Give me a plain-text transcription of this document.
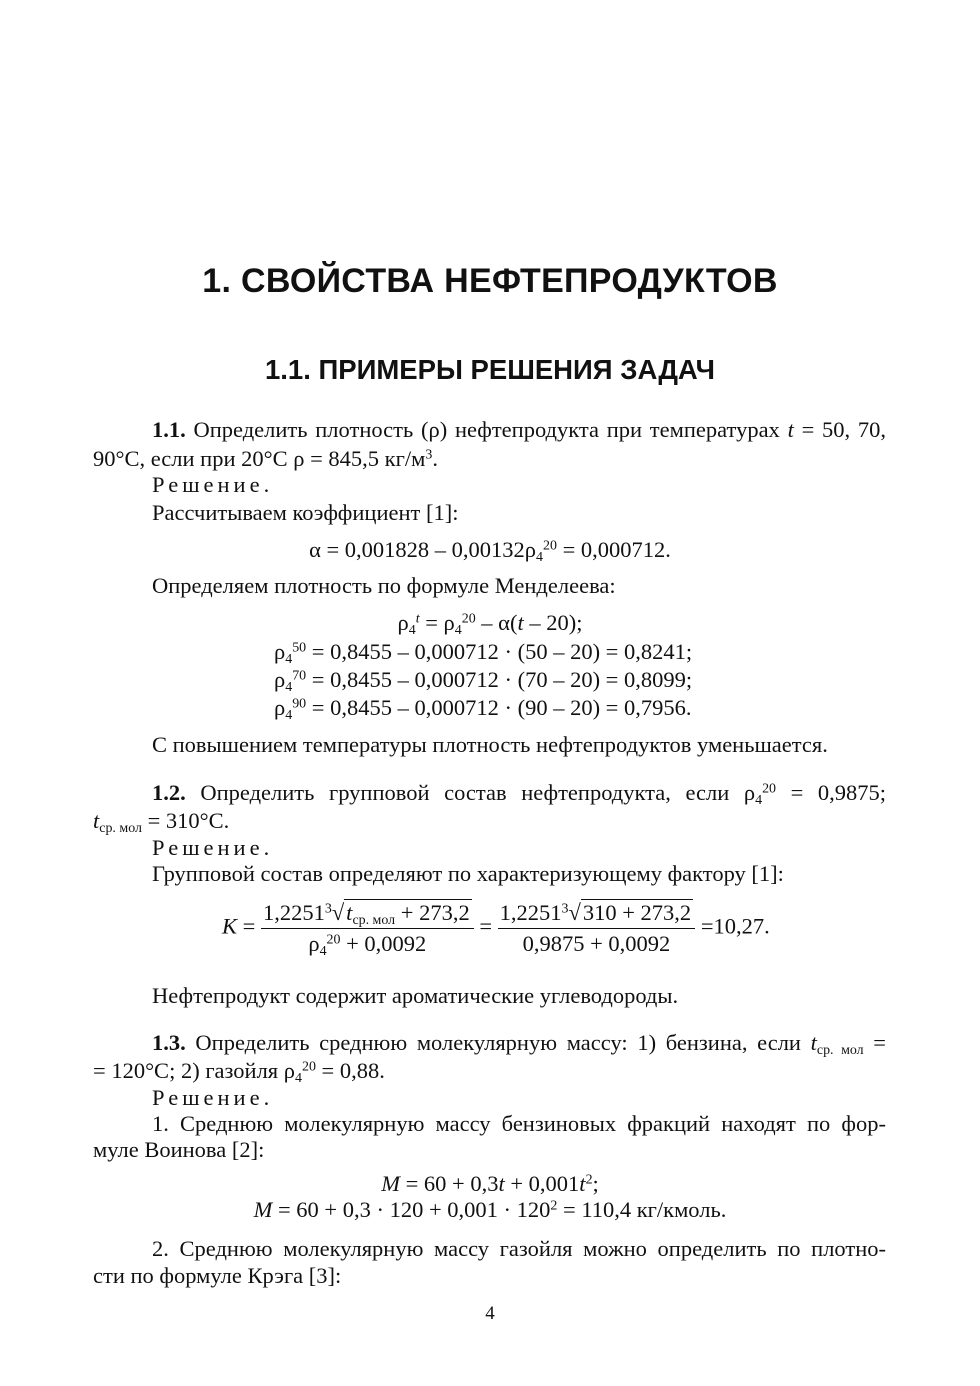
1. СВОЙСТВА НЕФТЕПРОДУКТОВ
1.1. ПРИМЕРЫ РЕШЕНИЯ ЗАДАЧ
1.1. Определить плотность (ρ) нефтепродукта при температурах t = 50, 70,
90°С, если при 20°С ρ = 845,5 $кг/м^3$.
Решение.
Рассчитываем коэффициент [1]:
$\alpha = 0,001828 - 0,00132\rho_4^{20} = 0,000712$.
Определяем плотность по формуле Менделеева:
$\rho_4^t = \rho_4^{20} - \alpha(t - 20)$;
$\rho_4^{50} = 0,8455 - 0,000712 \cdot (50 - 20) = 0,8241$;
$\rho_4^{70} = 0,8455 - 0,000712 \cdot (70 - 20) = 0,8099$;
$\rho_4^{90} = 0,8455 - 0,000712 \cdot (90 - 20) = 0,7956$.
С повышением температуры плотность нефтепродуктов уменьшается.
1.2. Определить групповой состав нефтепродукта, если $\rho_4^{20} = 0,9875$;
$t_{ср. мол} = 310^\circ С$.
Решение.
Групповой состав определяют по характеризующему фактору [1]:
$K = \frac{1,2251^3√t_{ср. мол} + 273,2}{\rho_4^{20} + 0,0092} = \frac{1,2251^3√310 + 273,2}{0,9875 + 0,0092} =10,27$.
Нефтепродукт содержит ароматические углеводороды.
1.3. Определить среднюю молекулярную массу: 1) бензина, если $t_{ср. мол}$ =
= 120°С; 2) газойля $\rho_4^{20} = 0,88$.
Решение.
1. Среднюю молекулярную массу бензиновых фракций находят по фор-
муле Воинова [2]:
$M = 60 + 0,3t + 0,001t^2$;
$M = 60 + 0,3 \cdot 120 + 0,001 \cdot 120^2 = 110,4$ кг/кмоль.
2. Среднюю молекулярную массу газойля можно определить по плотно-
сти по формуле Крэга [3]:
4
